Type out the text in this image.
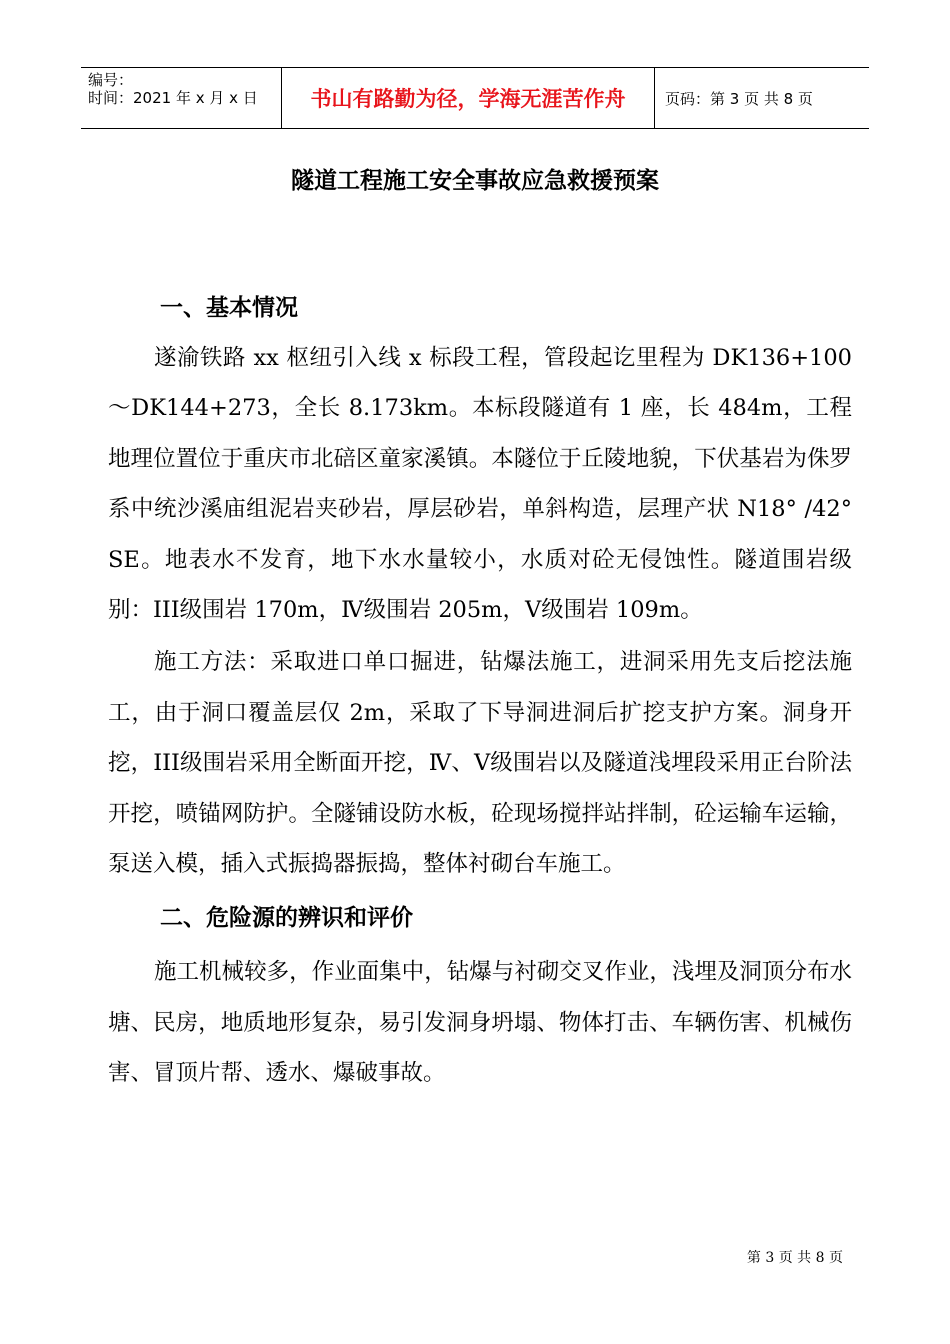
编号：
时间：2021 年 x 月 x 日	书山有路勤为径，学海无涯苦作舟	页码：第 3 页 共 8 页
隧道工程施工安全事故应急救援预案
一、基本情况

遂渝铁路 xx 枢纽引入线 x 标段工程，管段起讫里程为 DK136+100～DK144+273，全长 8.173km。本标段隧道有 1 座，长 484m，工程地理位置位于重庆市北碚区童家溪镇。本隧位于丘陵地貌，下伏基岩为侏罗系中统沙溪庙组泥岩夹砂岩，厚层砂岩，单斜构造，层理产状 N18° /42° SE。地表水不发育，地下水水量较小，水质对砼无侵蚀性。隧道围岩级别：III级围岩 170m，Ⅳ级围岩 205m，Ⅴ级围岩 109m。

施工方法：采取进口单口掘进，钻爆法施工，进洞采用先支后挖法施工，由于洞口覆盖层仅 2m，采取了下导洞进洞后扩挖支护方案。洞身开挖，III级围岩采用全断面开挖，Ⅳ、Ⅴ级围岩以及隧道浅埋段采用正台阶法开挖，喷锚网防护。全隧铺设防水板，砼现场搅拌站拌制，砼运输车运输，泵送入模，插入式振捣器振捣，整体衬砌台车施工。

二、危险源的辨识和评价

施工机械较多，作业面集中，钻爆与衬砌交叉作业，浅埋及洞顶分布水塘、民房，地质地形复杂，易引发洞身坍塌、物体打击、车辆伤害、机械伤害、冒顶片帮、透水、爆破事故。

第 3 页 共 8 页
